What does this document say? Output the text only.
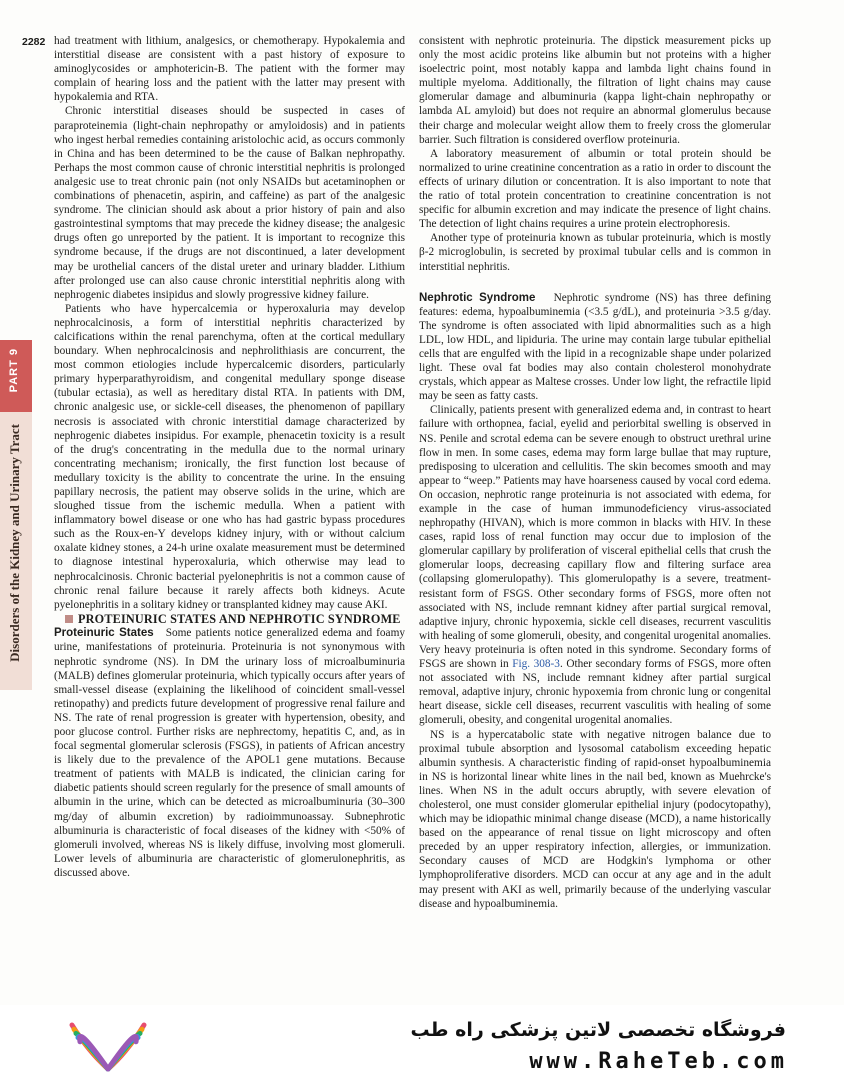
2282
PART 9
Disorders of the Kidney and Urinary Tract

had treatment with lithium, analgesics, or chemotherapy. Hypokalemia and interstitial disease are consistent with a past history of exposure to aminoglycosides or amphotericin-B. The patient with the former may complain of hearing loss and the patient with the latter may present with hypokalemia and RTA.

Chronic interstitial diseases should be suspected in cases of paraproteinemia (light-chain nephropathy or amyloidosis) and in patients who ingest herbal remedies containing aristolochic acid, as occurs commonly in China and has been determined to be the cause of Balkan nephropathy. Perhaps the most common cause of chronic interstitial nephritis is prolonged analgesic use to treat chronic pain (not only NSAIDs but acetaminophen or combinations of phenacetin, aspirin, and caffeine) as part of the analgesic syndrome. The clinician should ask about a prior history of pain and also gastrointestinal symptoms that may precede the kidney disease; the analgesic drugs often go unreported by the patient. It is important to recognize this syndrome because, if the drugs are not discontinued, a later development may be urothelial cancers of the distal ureter and urinary bladder. Lithium after prolonged use can also cause chronic interstitial nephritis along with nephrogenic diabetes insipidus and slowly progressive kidney failure.

Patients who have hypercalcemia or hyperoxaluria may develop nephrocalcinosis, a form of interstitial nephritis characterized by calcifications within the renal parenchyma, often at the cortical medullary boundary. When nephrocalcinosis and nephrolithiasis are concurrent, the most common etiologies include hypercalcemic disorders, particularly primary hyperparathyroidism, and congenital medullary sponge disease (tubular ectasia), as well as hereditary distal RTA. In patients with DM, chronic analgesic use, or sickle-cell diseases, the phenomenon of papillary necrosis is associated with chronic interstitial damage characterized by nephrogenic diabetes insipidus. For example, phenacetin toxicity is a result of the drug's concentrating in the medulla due to the normal urinary concentrating mechanism; ironically, the first function lost because of medullary toxicity is the ability to concentrate the urine. In the ensuing papillary necrosis, the patient may observe solids in the urine, which are sloughed tissue from the ischemic medulla. When a patient with inflammatory bowel disease or one who has had gastric bypass procedures such as the Roux-en-Y develops kidney injury, with or without calcium oxalate kidney stones, a 24-h urine oxalate measurement must be determined to diagnose intestinal hyperoxaluria, which otherwise may lead to nephrocalcinosis. Chronic bacterial pyelonephritis is not a common cause of chronic renal failure because it rarely affects both kidneys. Acute pyelonephritis in a solitary kidney or transplanted kidney may cause AKI.

PROTEINURIC STATES AND NEPHROTIC SYNDROME

Proteinuric States Some patients notice generalized edema and foamy urine, manifestations of proteinuria. Proteinuria is not synonymous with nephrotic syndrome (NS). In DM the urinary loss of microalbuminuria (MALB) defines glomerular proteinuria, which typically occurs after years of small-vessel disease (explaining the likelihood of coincident small-vessel retinopathy) and predicts future development of progressive renal failure and NS. The rate of renal progression is greater with hypertension, obesity, and poor glucose control. Further risks are nephrectomy, hepatitis C, and, as in focal segmental glomerular sclerosis (FSGS), in patients of African ancestry is likely due to the prevalence of the APOL1 gene mutations. Because treatment of patients with MALB is indicated, the clinician caring for diabetic patients should screen regularly for the presence of small amounts of albumin in the urine, which can be detected as microalbuminuria (30–300 mg/day of albumin excretion) by radioimmunoassay. Subnephrotic albuminuria is characteristic of focal diseases of the kidney with <50% of glomeruli involved, whereas NS is likely diffuse, involving most glomeruli. Lower levels of albuminuria are characteristic of glomerulonephritis, as discussed above.

consistent with nephrotic proteinuria. The dipstick measurement picks up only the most acidic proteins like albumin but not proteins with a higher isoelectric point, most notably kappa and lambda light chains found in multiple myeloma. Additionally, the filtration of light chains may cause glomerular damage and albuminuria (kappa light-chain nephropathy or lambda AL amyloid) but does not require an abnormal glomerulus because their charge and molecular weight allow them to freely cross the glomerular barrier. Such filtration is considered overflow proteinuria.

A laboratory measurement of albumin or total protein should be normalized to urine creatinine concentration as a ratio in order to discount the effects of urinary dilution or concentration. It is also important to note that the ratio of total protein concentration to creatinine concentration is not specific for albumin excretion and may indicate the presence of light chains. The detection of light chains requires a urine protein electrophoresis.

Another type of proteinuria known as tubular proteinuria, which is mostly β-2 microglobulin, is secreted by proximal tubular cells and is common in interstitial nephritis.

Nephrotic Syndrome Nephrotic syndrome (NS) has three defining features: edema, hypoalbuminemia (<3.5 g/dL), and proteinuria >3.5 g/day. The syndrome is often associated with lipid abnormalities such as a high LDL, low HDL, and lipiduria. The urine may contain large tubular epithelial cells that are engulfed with the lipid in a recognizable shape under polarized light. These oval fat bodies may also contain cholesterol monohydrate crystals, which appear as Maltese crosses. Under low light, the refractile lipid may be seen as fatty casts.

Clinically, patients present with generalized edema and, in contrast to heart failure with orthopnea, facial, eyelid and periorbital swelling is observed in NS. Penile and scrotal edema can be severe enough to obstruct urethral urine flow in men. In some cases, edema may form large bullae that may rupture, predisposing to ulceration and cellulitis. The skin becomes smooth and may appear to “weep.” Patients may have hoarseness caused by vocal cord edema. On occasion, nephrotic range proteinuria is not associated with edema, for example in the case of human immunodeficiency virus-associated nephropathy (HIVAN), which is more common in blacks with HIV. In these cases, rapid loss of renal function may occur due to implosion of the glomerular capillary by proliferation of visceral epithelial cells that crush the glomerular loops, decreasing capillary flow and filtering surface area (collapsing glomerulopathy). This glomerulopathy is a severe, treatment-resistant form of FSGS. Other secondary forms of FSGS, more often not associated with NS, include remnant kidney after partial surgical removal, adaptive injury, chronic hypoxemia, sickle cell diseases, recurrent vasculitis with healing of some glomeruli, obesity, and congenital urogenital anomalies. Very heavy proteinuria is often noted in this syndrome. Secondary forms of FSGS are shown in Fig. 308-3. Other secondary forms of FSGS, more often not associated with NS, include remnant kidney after partial surgical removal, adaptive injury, chronic hypoxemia from chronic lung or congenital heart disease, sickle cell diseases, recurrent vasculitis with healing of some glomeruli, obesity, and congenital urogenital anomalies.

NS is a hypercatabolic state with negative nitrogen balance due to proximal tubule absorption and lysosomal catabolism exceeding hepatic albumin synthesis. A characteristic finding of rapid-onset hypoalbuminemia in NS is horizontal linear white lines in the nail bed, known as Muehrcke's lines. When NS in the adult occurs abruptly, with severe elevation of cholesterol, one must consider glomerular epithelial injury (podocytopathy), which may be idiopathic minimal change disease (MCD), a name historically based on the appearance of renal tissue on light microscopy and often preceded by an upper respiratory infection, allergies, or immunization. Secondary causes of MCD are Hodgkin's lymphoma or other lymphoproliferative disorders. MCD can occur at any age and in the adult may present with AKI as well, primarily because of the underlying vascular disease and hypoalbuminemia.

فروشگاه تخصصی لاتین پزشکی راه طب
www.RaheTeb.com
